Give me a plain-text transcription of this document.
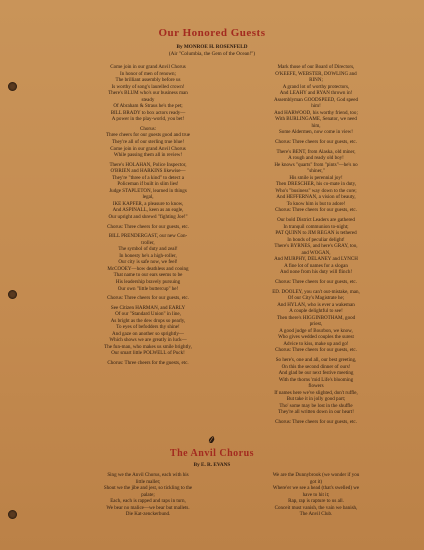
Our Honored Guests
By MONROE H. ROSENFELD
(Air "Columbia, the Gem of the Ocean!")
Come join in our grand Anvil Chorus
In honor of men of renown;
The brilliant assembly before us
Is worthy of song's laurelled crown!
There's BLUM who's our business man
steady
Of Abraham & Straus he's the pet;
BILL BRADY to box actors ready—
A power in the play-world, you bet!
Chorus:
Three cheers for our guests good and true
They're all of our sterling true blue!
Come join in our grand Anvil Chorus
While passing them all in review!
There's HOLAHAN, Police Inspector,
O'BRIEN and HARKINS likewise—
They're "three of a kind" to detect a
Policeman if built in slim lies!
Judge STAPLETON, learned in things
legal,
IKE KAPFER, a pleasure to know,
And ASPINALL, keen as an eagle,
Our upright and shrewd "fighting Joe!"
Chorus: Three cheers for our guests, etc.
BILL PRENDERGAST, our new Con-
troller,
The symbol of duty and zeal!
In honesty he's a high-roller,
Our city is safe now, we feel!
McCOOEY—how deathless and cooing
That name to our ears seems to be
His leadership bravely pursuing
Our own "little buttercup" he!
Chorus: Three cheers for our guests, etc.
See Citizen HARMAN, and EARLY
Of our "Standard Union" in line,
As bright as the dew drops so pearly,
To eyes of befodders thy shine!
And gaze on another so sprightly—
Which shows we are greatly in luck—
The fun-man, who makes us smile brightly,
Our smart little POLWELL of Puck!
Chorus: Three cheers for the guests, etc.
Mark those of our Board of Directors,
O'KEEFE, WEBSTER, DOWLING and
RINN;
A grand lot of worthy protectors,
And LEAHY and RYAN thrown in!
Assemblyman GOODSPEED, God speed
him!
And HARWOOD, his worthy friend, too;
With BURLINGAME, Senator, we need
him,
Some Aldermen, now come in view!
Chorus: Three cheers for our guests, etc.
There's BENT, from Alaska, old miner,
A rough and ready old boy!
He knows "quarts" from "pints"—he's no
"shiner,"
His smile is perennial joy!
Then DRESCHER, his co-mate in duty,
Who's "business" way down to the core;
And HEFFERNAN, a vision of beauty,
To know him is but to adore!
Chorus: Three cheers for our guests, etc.
Our bold District Leaders are gathered
In tranquil communion to-night;
PAT QUINN to JIM REGAN is tethered
In bonds of peculiar delight!
There's BYRNES, and here's GRAY, too,
and WOGAN,
And MURPHY, DELANEY and LYNCH
A fine lot of names for a slogan
And none from his duty will flinch!
Chorus: Three cheers for our guests, etc.
ED. DOOLEY, you can't out-mistake, man,
Of our City's Magistrate he;
And HYLAN, who is ever a wakeman
A couple delightful to see!
Then there's HIGGINBOTHAM, good
priest,
A good judge of Bourbon, we know,
Who gives wedded couples the surest
Advice to kiss, make up and go!
Chorus: Three cheers for our guests, etc.
So here's, one and all, our best greeting,
On this the second dinner of ours!
And glad be our next festive meeting
With the thorns 'mid Life's blooming
flowers
If names here we've slighted, don't ruffle,
But take it in jolly good part;
Tho' some may be lost in the shuffle
They're all written down in our heart!
Chorus: Three cheers for our guests, etc.
The Anvil Chorus
By E. R. EVANS
Sing we the Anvil Chorus, each with his
little mallet;
Shout we the jibe and jest, so tickling to the
palate;
Each, each is rapped and raps in turn,
We bear no malice—we bear but mallets.
Die Kat-zenckerbund.
We are the Dunnybrook (we wonder if you
got it)
Where'er we see a head (that's swelled) we
have to hit it;
Rap, rap is rapture to us all.
Conceit must vanish, the vain we banish,
The Anvil Club.
